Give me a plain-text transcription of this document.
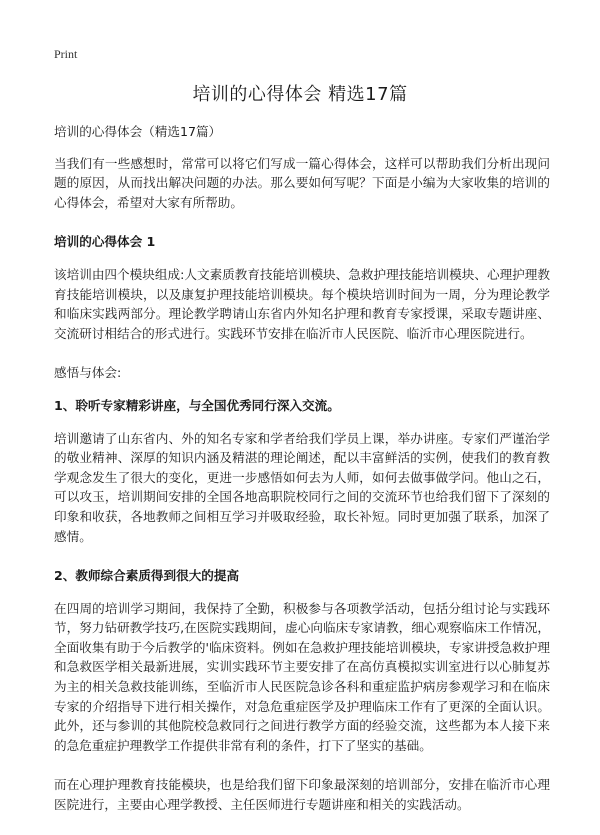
Print
培训的心得体会 精选17篇

培训的心得体会（精选17篇）

当我们有一些感想时，常常可以将它们写成一篇心得体会，这样可以帮助我们分析出现问题的原因，从而找出解决问题的办法。那么要如何写呢？下面是小编为大家收集的培训的心得体会，希望对大家有所帮助。

培训的心得体会 1

该培训由四个模块组成:人文素质教育技能培训模块、急救护理技能培训模块、心理护理教育技能培训模块，以及康复护理技能培训模块。每个模块培训时间为一周，分为理论教学和临床实践两部分。理论教学聘请山东省内外知名护理和教育专家授课，采取专题讲座、交流研讨相结合的形式进行。实践环节安排在临沂市人民医院、临沂市心理医院进行。

感悟与体会:

1、聆听专家精彩讲座，与全国优秀同行深入交流。

培训邀请了山东省内、外的知名专家和学者给我们学员上课，举办讲座。专家们严谨治学的敬业精神、深厚的知识内涵及精湛的理论阐述，配以丰富鲜活的实例，使我们的教育教学观念发生了很大的变化，更进一步感悟如何去为人师，如何去做事做学问。他山之石，可以攻玉，培训期间安排的全国各地高职院校同行之间的交流环节也给我们留下了深刻的印象和收获，各地教师之间相互学习并吸取经验，取长补短。同时更加强了联系，加深了感情。

2、教师综合素质得到很大的提高

在四周的培训学习期间，我保持了全勤，积极参与各项教学活动，包括分组讨论与实践环节，努力钻研教学技巧,在医院实践期间，虚心向临床专家请教，细心观察临床工作情况，全面收集有助于今后教学的'临床资料。例如在急救护理技能培训模块，专家讲授急救护理和急救医学相关最新进展，实训实践环节主要安排了在高仿真模拟实训室进行以心肺复苏为主的相关急救技能训练，至临沂市人民医院急诊各科和重症监护病房参观学习和在临床专家的介绍指导下进行相关操作，对急危重症医学及护理临床工作有了更深的全面认识。此外，还与参训的其他院校急救同行之间进行教学方面的经验交流，这些都为本人接下来的急危重症护理教学工作提供非常有利的条件，打下了坚实的基础。

而在心理护理教育技能模块，也是给我们留下印象最深刻的培训部分，安排在临沂市心理医院进行，主要由心理学教授、主任医师进行专题讲座和相关的实践活动。
